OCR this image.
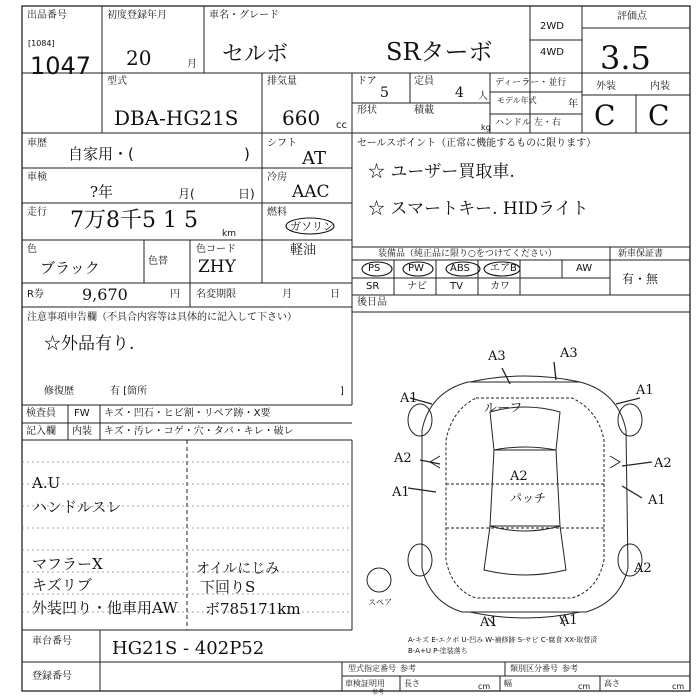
出品番号
[1084]
1047
初度登録年月
20	月
車名・グレード
セルボ	SRターボ
2WD
4WD
評価点
3.5
型式
DBA-HG21S
排気量
660 cc
ドア
5
定員
4 人
ディーラー・並行
モデル年式	年
形状	積載
kg ハンドル 左・右
外装	内装
C C
車歴
自家用・(	)
シフト
AT
車検
?年	月(	日)
冷房
AAC
走行 7万8千5 1 5
km
燃料
ガソリン
軽油
色
ブラック	色替
色コード
ZHY
R券 9,670	円 名変期限	月	日
セールスポイント（正常に機能するものに限ります）
☆ ユーザー買取車.
☆ スマートキー. HIDライト
装備品（純正品に限り○をつけてください）
PS	PW	ABS エアB	AW
SR	ナビ TV	カワ
後日品
新車保証書
有・無
注意事項申告欄（不具合内容等は具体的に記入して下さい）
☆外品有り.
修復歴	有 [箇所	]
検査員
記入欄
FW キズ・凹石・ヒビ割・リペア跡・X要
内装 キズ・汚レ・コゲ・穴・タバ・キレ・破レ
A.U
ハンドルスレ
マフラーX
キズリブ
外装凹り・他車用AW
オイルにじみ
下回りS
ボ785171km
A3	A3
A1
A1
A2	A2
A1
A1
A2
A1	A1
ルーフ
A2
パッチ
スペア
A-キズ E-エクボ U-凹み W-補修跡 S-サビ C-腐食 XX-取替済
B-A+U P-塗装落ち
車台番号 HG21S - 402P52
登録番号
型式指定番号 参考	類別区分番号 参考
車検証明用
参考
長さ	幅	高さ
cm	cm	cm
